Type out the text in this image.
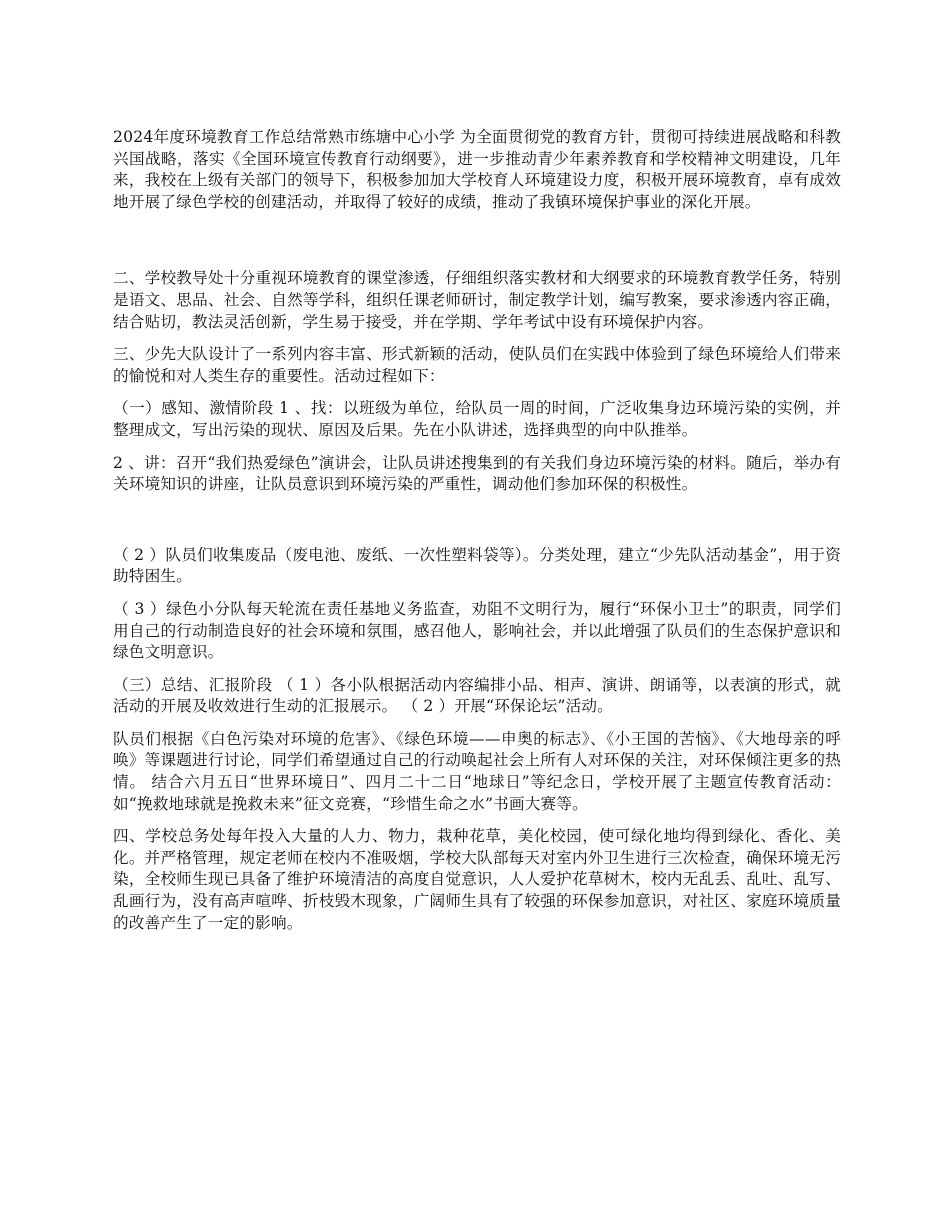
2024年度环境教育工作总结常熟市练塘中心小学 为全面贯彻党的教育方针，贯彻可持续进展战略和科教兴国战略，落实《全国环境宣传教育行动纲要》，进一步推动青少年素养教育和学校精神文明建设，几年来，我校在上级有关部门的领导下，积极参加加大学校育人环境建设力度，积极开展环境教育，卓有成效地开展了绿色学校的创建活动，并取得了较好的成绩，推动了我镇环境保护事业的深化开展。

二、学校教导处十分重视环境教育的课堂渗透，仔细组织落实教材和大纲要求的环境教育教学任务，特别是语文、思品、社会、自然等学科，组织任课老师研讨，制定教学计划，编写教案，要求渗透内容正确，结合贴切，教法灵活创新，学生易于接受，并在学期、学年考试中设有环境保护内容。

三、少先大队设计了一系列内容丰富、形式新颖的活动，使队员们在实践中体验到了绿色环境给人们带来的愉悦和对人类生存的重要性。活动过程如下：

（一）感知、激情阶段 1 、找：以班级为单位，给队员一周的时间，广泛收集身边环境污染的实例，并整理成文，写出污染的现状、原因及后果。先在小队讲述，选择典型的向中队推举。

2 、讲：召开“我们热爱绿色”演讲会，让队员讲述搜集到的有关我们身边环境污染的材料。随后，举办有关环境知识的讲座，让队员意识到环境污染的严重性，调动他们参加环保的积极性。

（ 2 ）队员们收集废品（废电池、废纸、一次性塑料袋等）。分类处理，建立“少先队活动基金”，用于资助特困生。

（ 3 ）绿色小分队每天轮流在责任基地义务监查，劝阻不文明行为，履行“环保小卫士”的职责，同学们用自己的行动制造良好的社会环境和氛围，感召他人，影响社会，并以此增强了队员们的生态保护意识和绿色文明意识。

（三）总结、汇报阶段 （ 1 ）各小队根据活动内容编排小品、相声、演讲、朗诵等，以表演的形式，就活动的开展及收效进行生动的汇报展示。 （ 2 ）开展“环保论坛”活动。

队员们根据《白色污染对环境的危害》、《绿色环境——申奥的标志》、《小王国的苦恼》、《大地母亲的呼唤》等课题进行讨论，同学们希望通过自己的行动唤起社会上所有人对环保的关注，对环保倾注更多的热情。 结合六月五日“世界环境日”、四月二十二日“地球日”等纪念日，学校开展了主题宣传教育活动：如“挽救地球就是挽救未来”征文竞赛，“珍惜生命之水”书画大赛等。

四、学校总务处每年投入大量的人力、物力，栽种花草，美化校园，使可绿化地均得到绿化、香化、美化。并严格管理，规定老师在校内不准吸烟，学校大队部每天对室内外卫生进行三次检查，确保环境无污染，全校师生现已具备了维护环境清洁的高度自觉意识，人人爱护花草树木，校内无乱丢、乱吐、乱写、乱画行为，没有高声喧哗、折枝毁木现象，广阔师生具有了较强的环保参加意识，对社区、家庭环境质量的改善产生了一定的影响。
